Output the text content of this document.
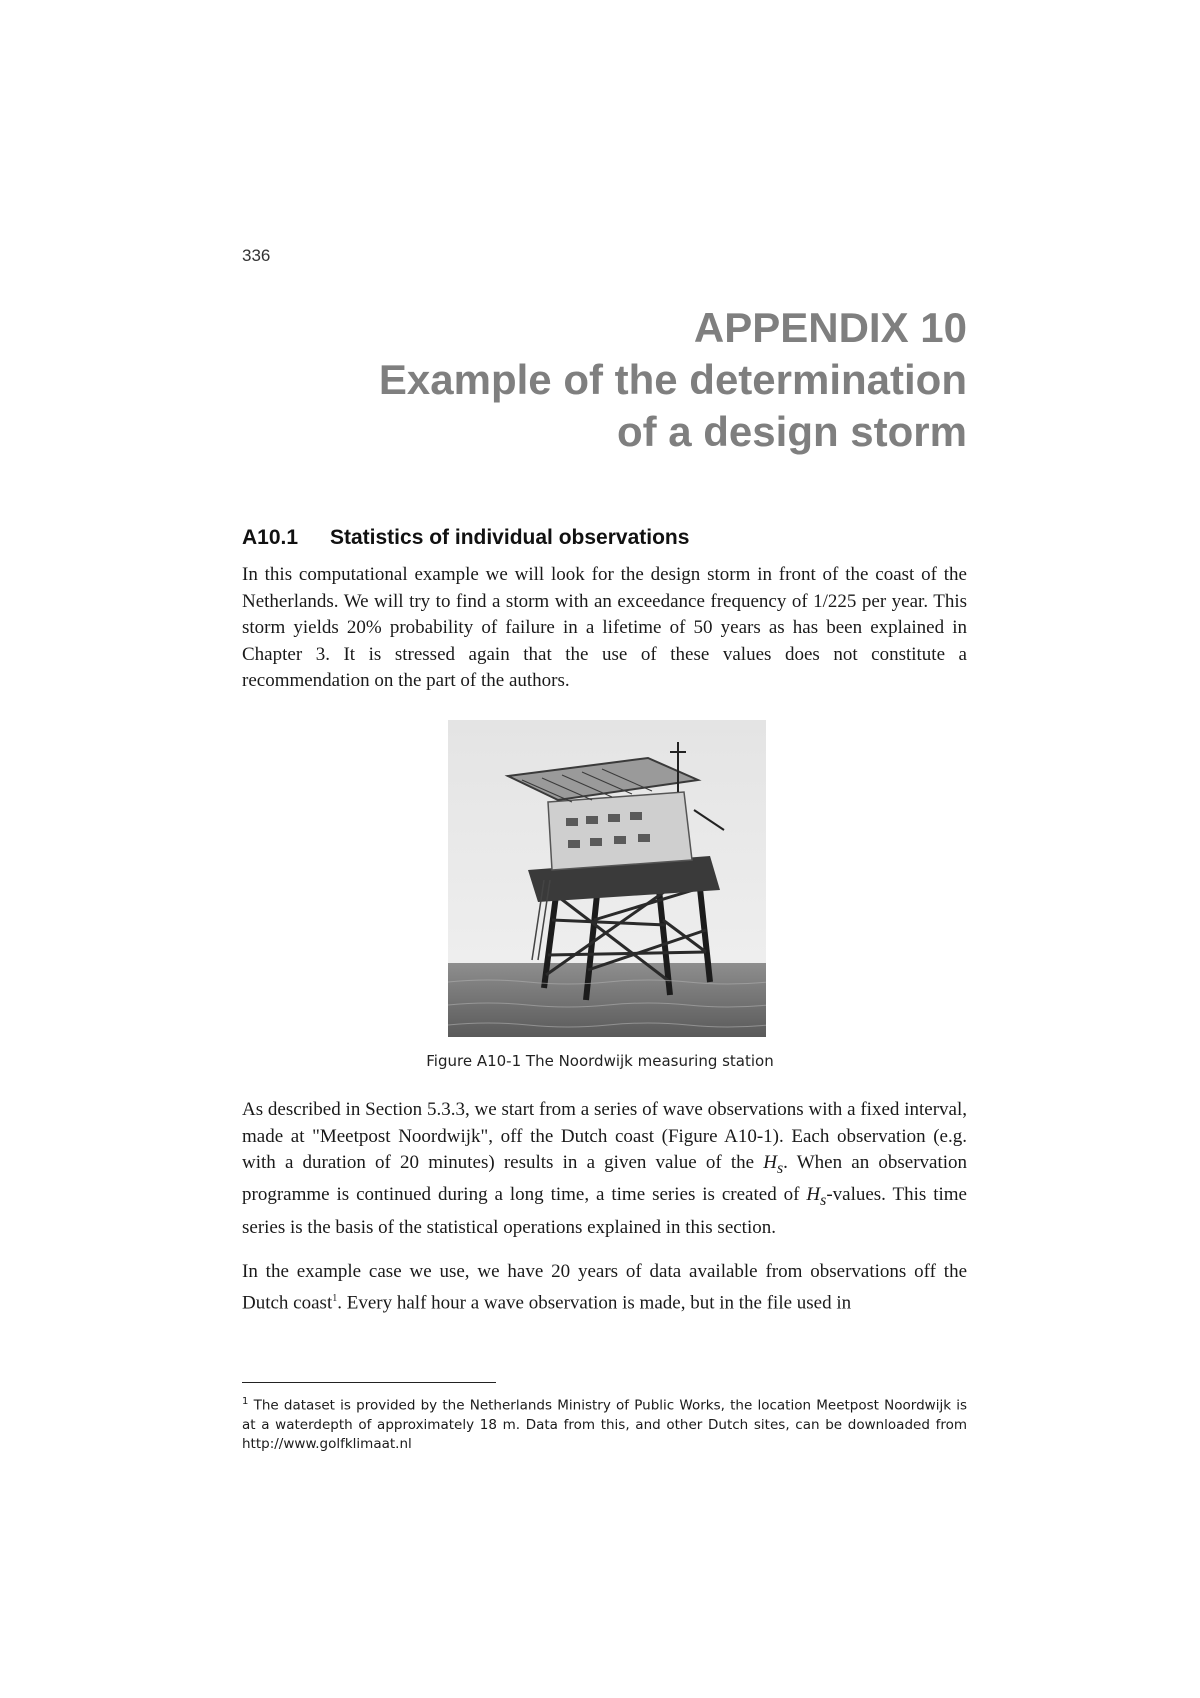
336
APPENDIX 10
Example of the determination
of a design storm
A10.1 Statistics of individual observations

In this computational example we will look for the design storm in front of the coast of the Netherlands. We will try to find a storm with an exceedance frequency of 1/225 per year. This storm yields 20% probability of failure in a lifetime of 50 years as has been explained in Chapter 3. It is stressed again that the use of these values does not constitute a recommendation on the part of the authors.

Figure A10-1 The Noordwijk measuring station

As described in Section 5.3.3, we start from a series of wave observations with a fixed interval, made at "Meetpost Noordwijk", off the Dutch coast (Figure A10-1). Each observation (e.g. with a duration of 20 minutes) results in a given value of the $H_s$. When an observation programme is continued during a long time, a time series is created of $H_s$-values. This time series is the basis of the statistical operations explained in this section.

In the example case we use, we have 20 years of data available from observations off the Dutch coast$^1$. Every half hour a wave observation is made, but in the file used in

$^1$ The dataset is provided by the Netherlands Ministry of Public Works, the location Meetpost Noordwijk is at a waterdepth of approximately 18 m. Data from this, and other Dutch sites, can be downloaded from http://www.golfklimaat.nl
